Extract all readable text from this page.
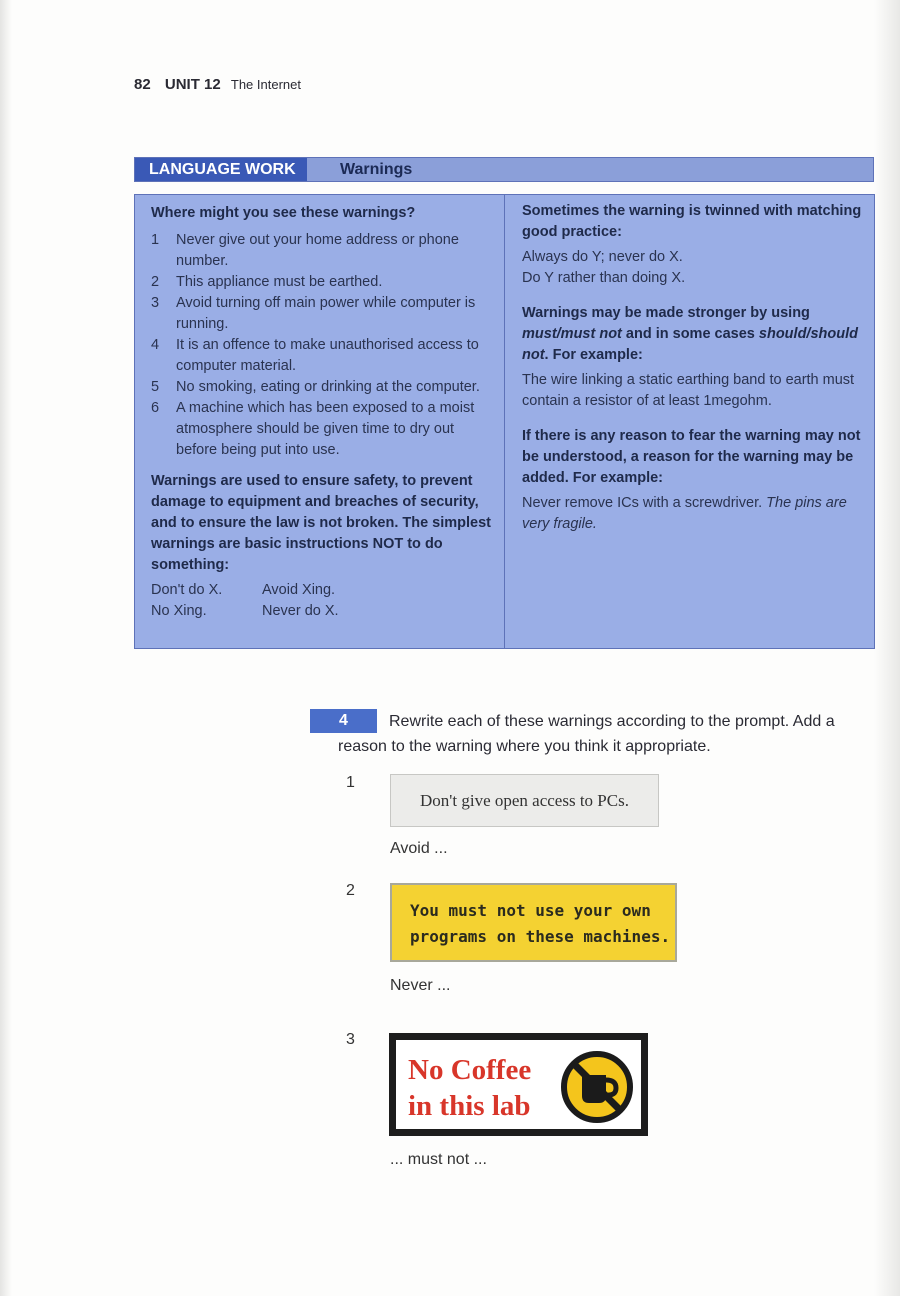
82 UNIT 12 The Internet
LANGUAGE WORK	Warnings
Where might you see these warnings?
1 Never give out your home address or phone number.
2 This appliance must be earthed.
3 Avoid turning off main power while computer is running.
4 It is an offence to make unauthorised access to computer material.
5 No smoking, eating or drinking at the computer.
6 A machine which has been exposed to a moist atmosphere should be given time to dry out before being put into use.
Warnings are used to ensure safety, to prevent damage to equipment and breaches of security, and to ensure the law is not broken. The simplest warnings are basic instructions NOT to do something:
Don't do X.	Avoid Xing.
No Xing.	Never do X.
Sometimes the warning is twinned with matching good practice:
Always do Y; never do X.
Do Y rather than doing X.
Warnings may be made stronger by using must/must not and in some cases should/should not. For example:
The wire linking a static earthing band to earth must contain a resistor of at least 1megohm.
If there is any reason to fear the warning may not be understood, a reason for the warning may be added. For example:
Never remove ICs with a screwdriver. The pins are very fragile.
4	Rewrite each of these warnings according to the prompt. Add a reason to the warning where you think it appropriate.
1
Don't give open access to PCs.
Avoid ...
2
You must not use your own
programs on these machines.
Never ...
3
No Coffee
in this lab
... must not ...
